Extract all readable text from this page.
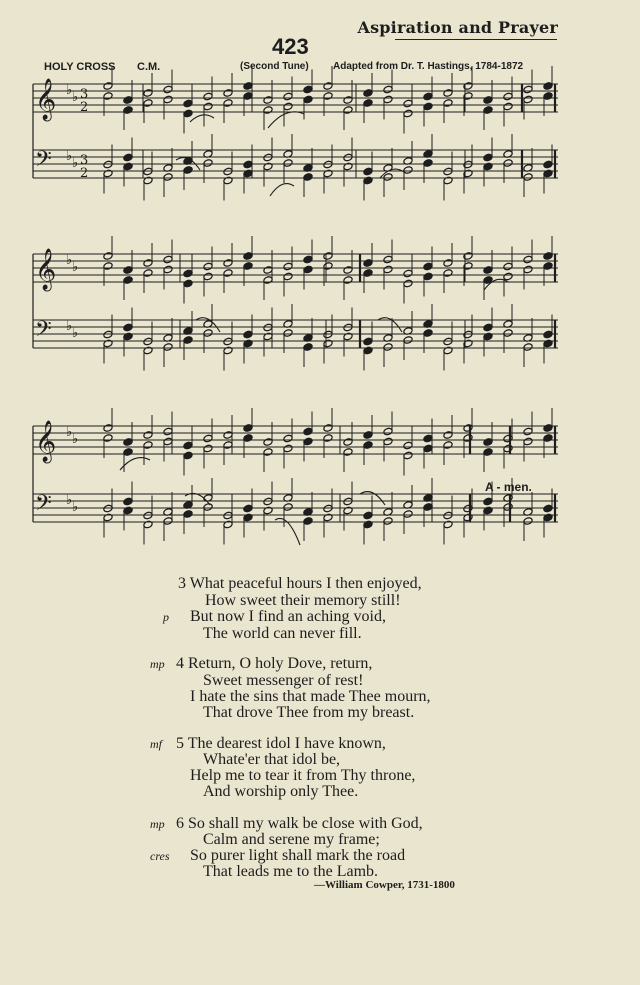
Aspiration and Prayer
423
HOLY CROSS C.M.	(Second Tune) Adapted from Dr. T. Hastings, 1784-1872
𝄞 ♭ ♭ 3
2
𝄢 ♭ ♭ 3
2
𝄞 ♭ ♭
𝄢 ♭ ♭
𝄞 ♭ ♭
𝄢 ♭ ♭
A - men.
3 What peaceful hours I then enjoyed,
How sweet their memory still!
p But now I find an aching void,
The world can never fill.
mp 4 Return, O holy Dove, return,
Sweet messenger of rest!
I hate the sins that made Thee mourn,
That drove Thee from my breast.
mf 5 The dearest idol I have known,
Whate'er that idol be,
Help me to tear it from Thy throne,
And worship only Thee.
mp 6 So shall my walk be close with God,
Calm and serene my frame;
cres So purer light shall mark the road
That leads me to the Lamb.
—William Cowper, 1731-1800
